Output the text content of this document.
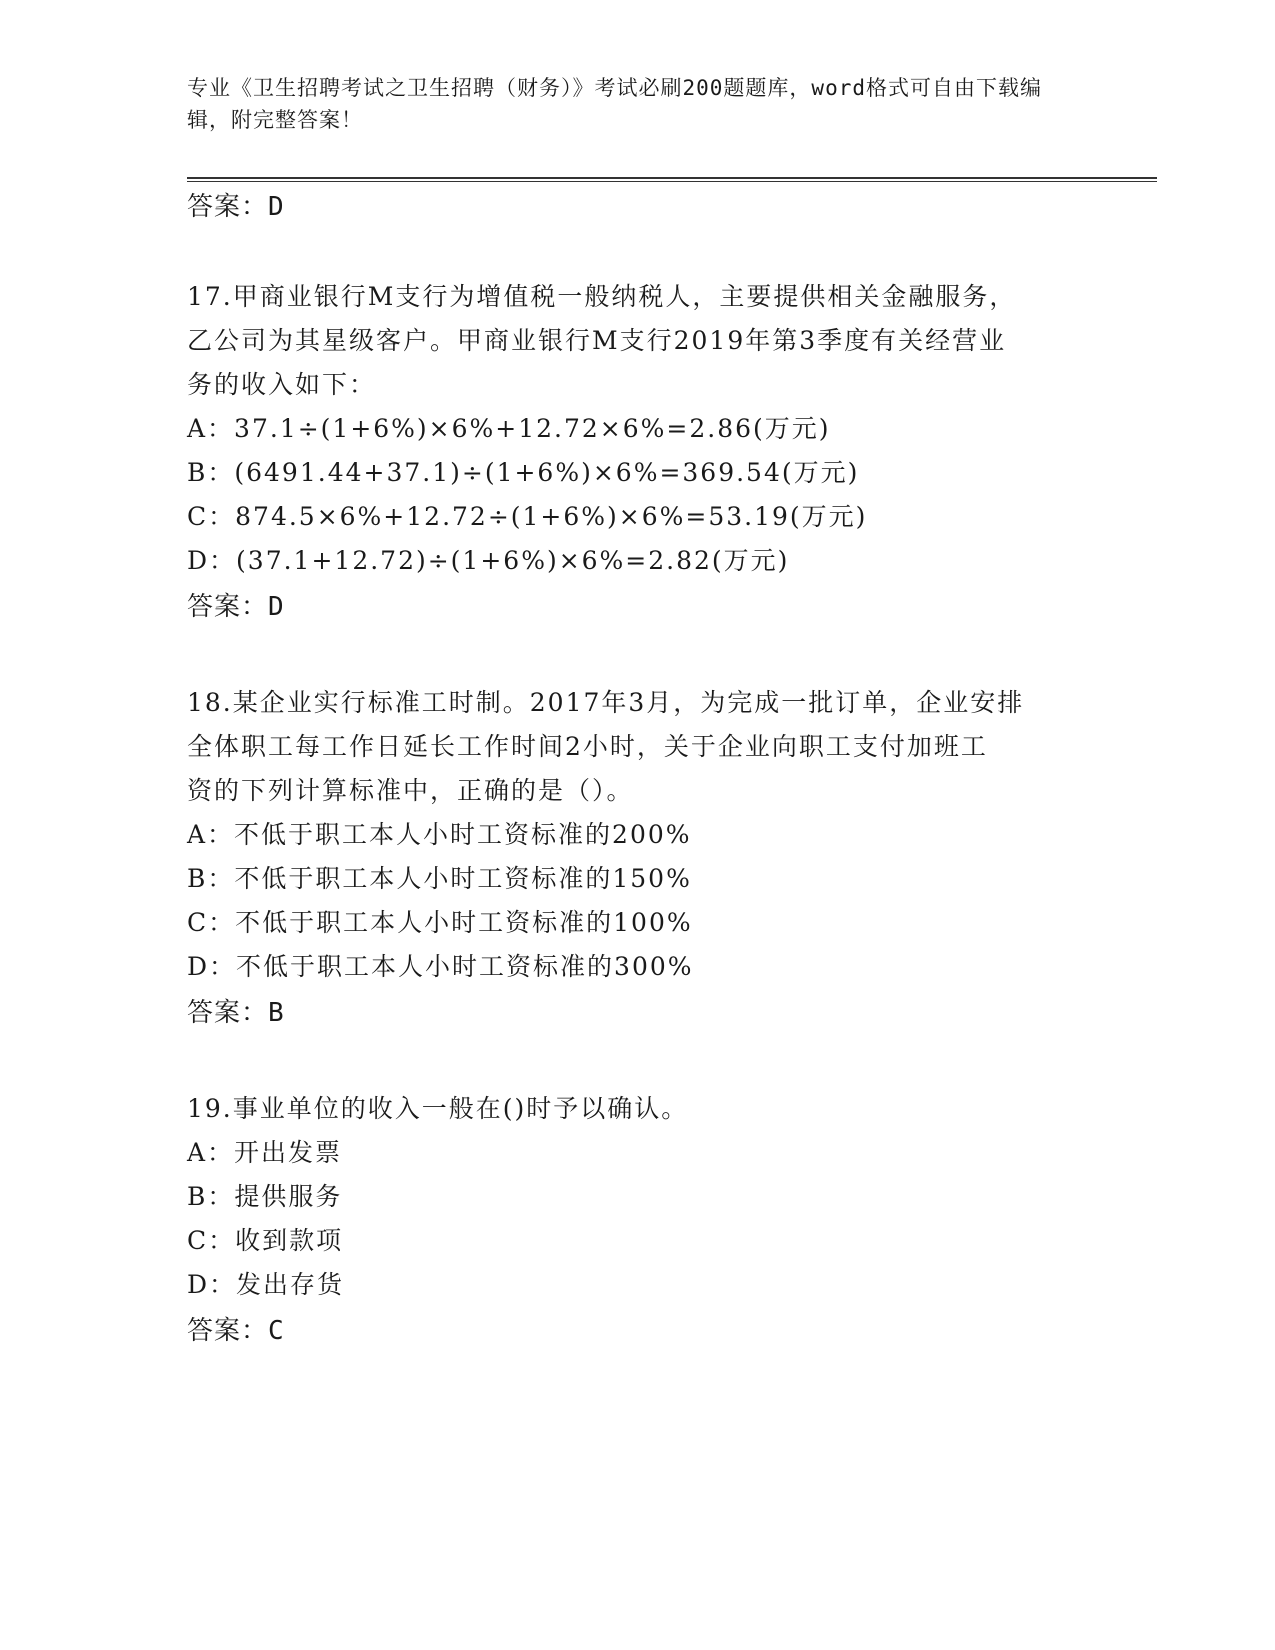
专业《卫生招聘考试之卫生招聘（财务）》考试必刷200题题库，word格式可自由下载编辑，附完整答案！
答案：D
17.甲商业银行M支行为增值税一般纳税人，主要提供相关金融服务，
乙公司为其星级客户。甲商业银行M支行2019年第3季度有关经营业
务的收入如下：
A：37.1÷(1+6%)×6%+12.72×6%=2.86(万元)
B：(6491.44+37.1)÷(1+6%)×6%=369.54(万元)
C：874.5×6%+12.72÷(1+6%)×6%=53.19(万元)
D：(37.1+12.72)÷(1+6%)×6%=2.82(万元)
答案：D
18.某企业实行标准工时制。2017年3月，为完成一批订单，企业安排
全体职工每工作日延长工作时间2小时，关于企业向职工支付加班工
资的下列计算标准中，正确的是（）。
A：不低于职工本人小时工资标准的200%
B：不低于职工本人小时工资标准的150%
C：不低于职工本人小时工资标准的100%
D：不低于职工本人小时工资标准的300%
答案：B
19.事业单位的收入一般在()时予以确认。
A：开出发票
B：提供服务
C：收到款项
D：发出存货
答案：C
